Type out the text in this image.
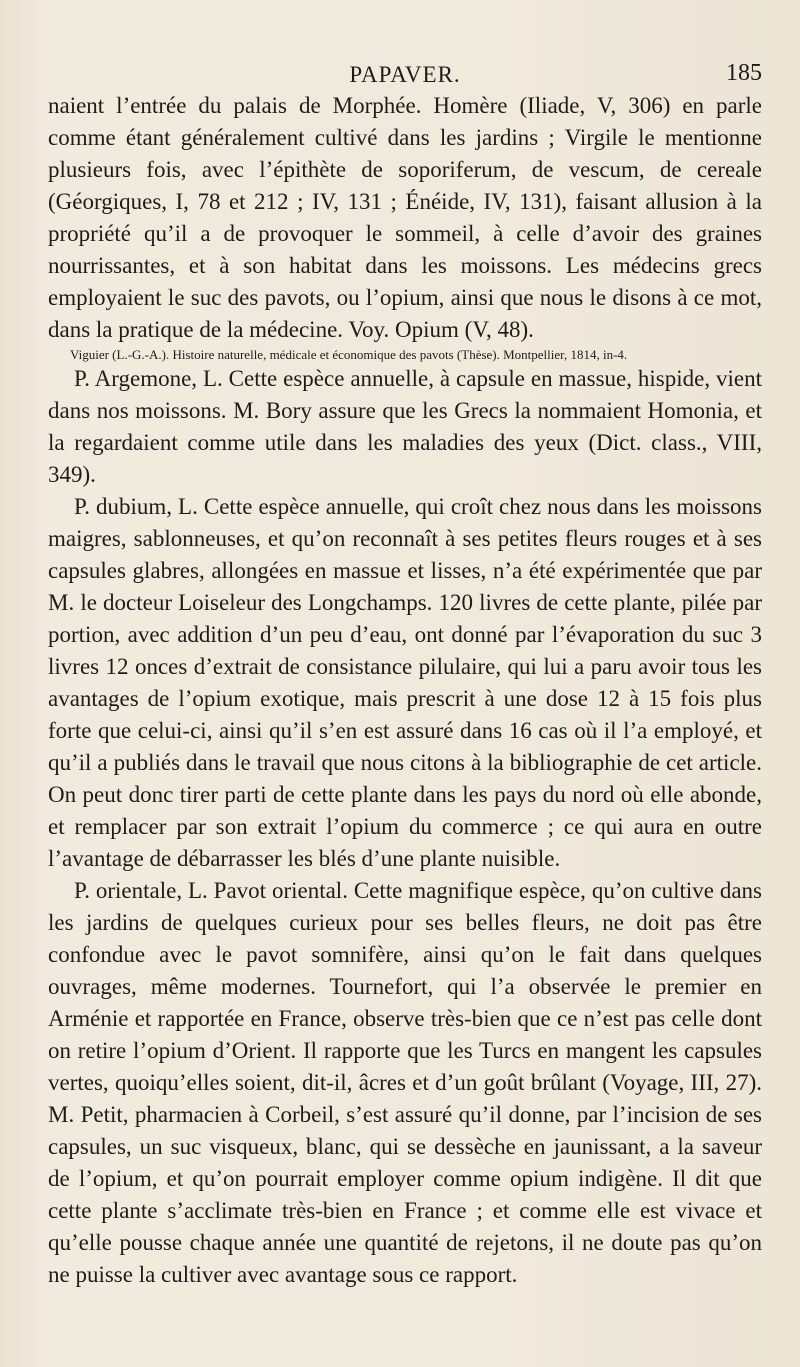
PAPAVER.	185

naient l’entrée du palais de Morphée. Homère (Iliade, V, 306) en parle comme étant généralement cultivé dans les jardins ; Virgile le mentionne plusieurs fois, avec l’épithète de soporiferum, de vescum, de cereale (Géorgiques, I, 78 et 212 ; IV, 131 ; Énéide, IV, 131), faisant allusion à la propriété qu’il a de provoquer le sommeil, à celle d’avoir des graines nourrissantes, et à son habitat dans les moissons. Les médecins grecs employaient le suc des pavots, ou l’opium, ainsi que nous le disons à ce mot, dans la pratique de la médecine. Voy. Opium (V, 48).

Viguier (L.-G.-A.). Histoire naturelle, médicale et économique des pavots (Thèse). Montpellier, 1814, in-4.

P. Argemone, L. Cette espèce annuelle, à capsule en massue, hispide, vient dans nos moissons. M. Bory assure que les Grecs la nommaient Homonia, et la regardaient comme utile dans les maladies des yeux (Dict. class., VIII, 349).

P. dubium, L. Cette espèce annuelle, qui croît chez nous dans les moissons maigres, sablonneuses, et qu’on reconnaît à ses petites fleurs rouges et à ses capsules glabres, allongées en massue et lisses, n’a été expérimentée que par M. le docteur Loiseleur des Longchamps. 120 livres de cette plante, pilée par portion, avec addition d’un peu d’eau, ont donné par l’évaporation du suc 3 livres 12 onces d’extrait de consistance pilulaire, qui lui a paru avoir tous les avantages de l’opium exotique, mais prescrit à une dose 12 à 15 fois plus forte que celui-ci, ainsi qu’il s’en est assuré dans 16 cas où il l’a employé, et qu’il a publiés dans le travail que nous citons à la bibliographie de cet article. On peut donc tirer parti de cette plante dans les pays du nord où elle abonde, et remplacer par son extrait l’opium du commerce ; ce qui aura en outre l’avantage de débarrasser les blés d’une plante nuisible.

P. orientale, L. Pavot oriental. Cette magnifique espèce, qu’on cultive dans les jardins de quelques curieux pour ses belles fleurs, ne doit pas être confondue avec le pavot somnifère, ainsi qu’on le fait dans quelques ouvrages, même modernes. Tournefort, qui l’a observée le premier en Arménie et rapportée en France, observe très-bien que ce n’est pas celle dont on retire l’opium d’Orient. Il rapporte que les Turcs en mangent les capsules vertes, quoiqu’elles soient, dit-il, âcres et d’un goût brûlant (Voyage, III, 27). M. Petit, pharmacien à Corbeil, s’est assuré qu’il donne, par l’incision de ses capsules, un suc visqueux, blanc, qui se dessèche en jaunissant, a la saveur de l’opium, et qu’on pourrait employer comme opium indigène. Il dit que cette plante s’acclimate très-bien en France ; et comme elle est vivace et qu’elle pousse chaque année une quantité de rejetons, il ne doute pas qu’on ne puisse la cultiver avec avantage sous ce rapport.
